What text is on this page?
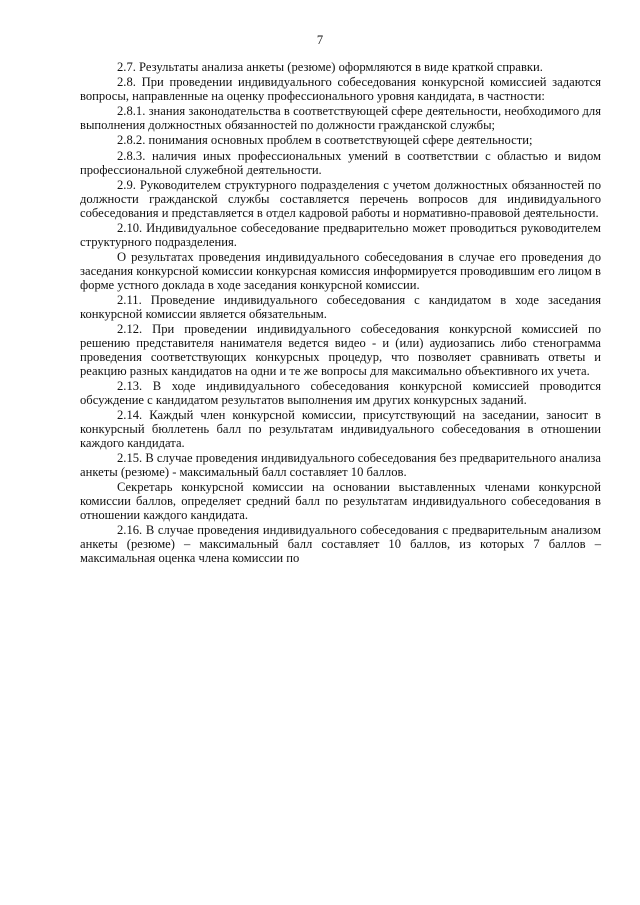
7

2.7. Результаты анализа анкеты (резюме) оформляются в виде краткой справки.

2.8. При проведении индивидуального собеседования конкурсной комиссией задаются вопросы, направленные на оценку профессионального уровня кандидата, в частности:

2.8.1. знания законодательства в соответствующей сфере деятельности, необходимого для выполнения должностных обязанностей по должности гражданской службы;

2.8.2. понимания основных проблем в соответствующей сфере деятельности;

2.8.3. наличия иных профессиональных умений в соответствии с областью и видом профессиональной служебной деятельности.

2.9. Руководителем структурного подразделения с учетом должностных обязанностей по должности гражданской службы составляется перечень вопросов для индивидуального собеседования и представляется в отдел кадровой работы и нормативно-правовой деятельности.

2.10. Индивидуальное собеседование предварительно может проводиться руководителем структурного подразделения.

О результатах проведения индивидуального собеседования в случае его проведения до заседания конкурсной комиссии конкурсная комиссия информируется проводившим его лицом в форме устного доклада в ходе заседания конкурсной комиссии.

2.11. Проведение индивидуального собеседования с кандидатом в ходе заседания конкурсной комиссии является обязательным.

2.12. При проведении индивидуального собеседования конкурсной комиссией по решению представителя нанимателя ведется видео - и (или) аудиозапись либо стенограмма проведения соответствующих конкурсных процедур, что позволяет сравнивать ответы и реакцию разных кандидатов на одни и те же вопросы для максимально объективного их учета.

2.13. В ходе индивидуального собеседования конкурсной комиссией проводится обсуждение с кандидатом результатов выполнения им других конкурсных заданий.

2.14. Каждый член конкурсной комиссии, присутствующий на заседании, заносит в конкурсный бюллетень балл по результатам индивидуального собеседования в отношении каждого кандидата.

2.15. В случае проведения индивидуального собеседования без предварительного анализа анкеты (резюме) - максимальный балл составляет 10 баллов.

Секретарь конкурсной комиссии на основании выставленных членами конкурсной комиссии баллов, определяет средний балл по результатам индивидуального собеседования в отношении каждого кандидата.

2.16. В случае проведения индивидуального собеседования с предварительным анализом анкеты (резюме) – максимальный балл составляет 10 баллов, из которых 7 баллов – максимальная оценка члена комиссии по
